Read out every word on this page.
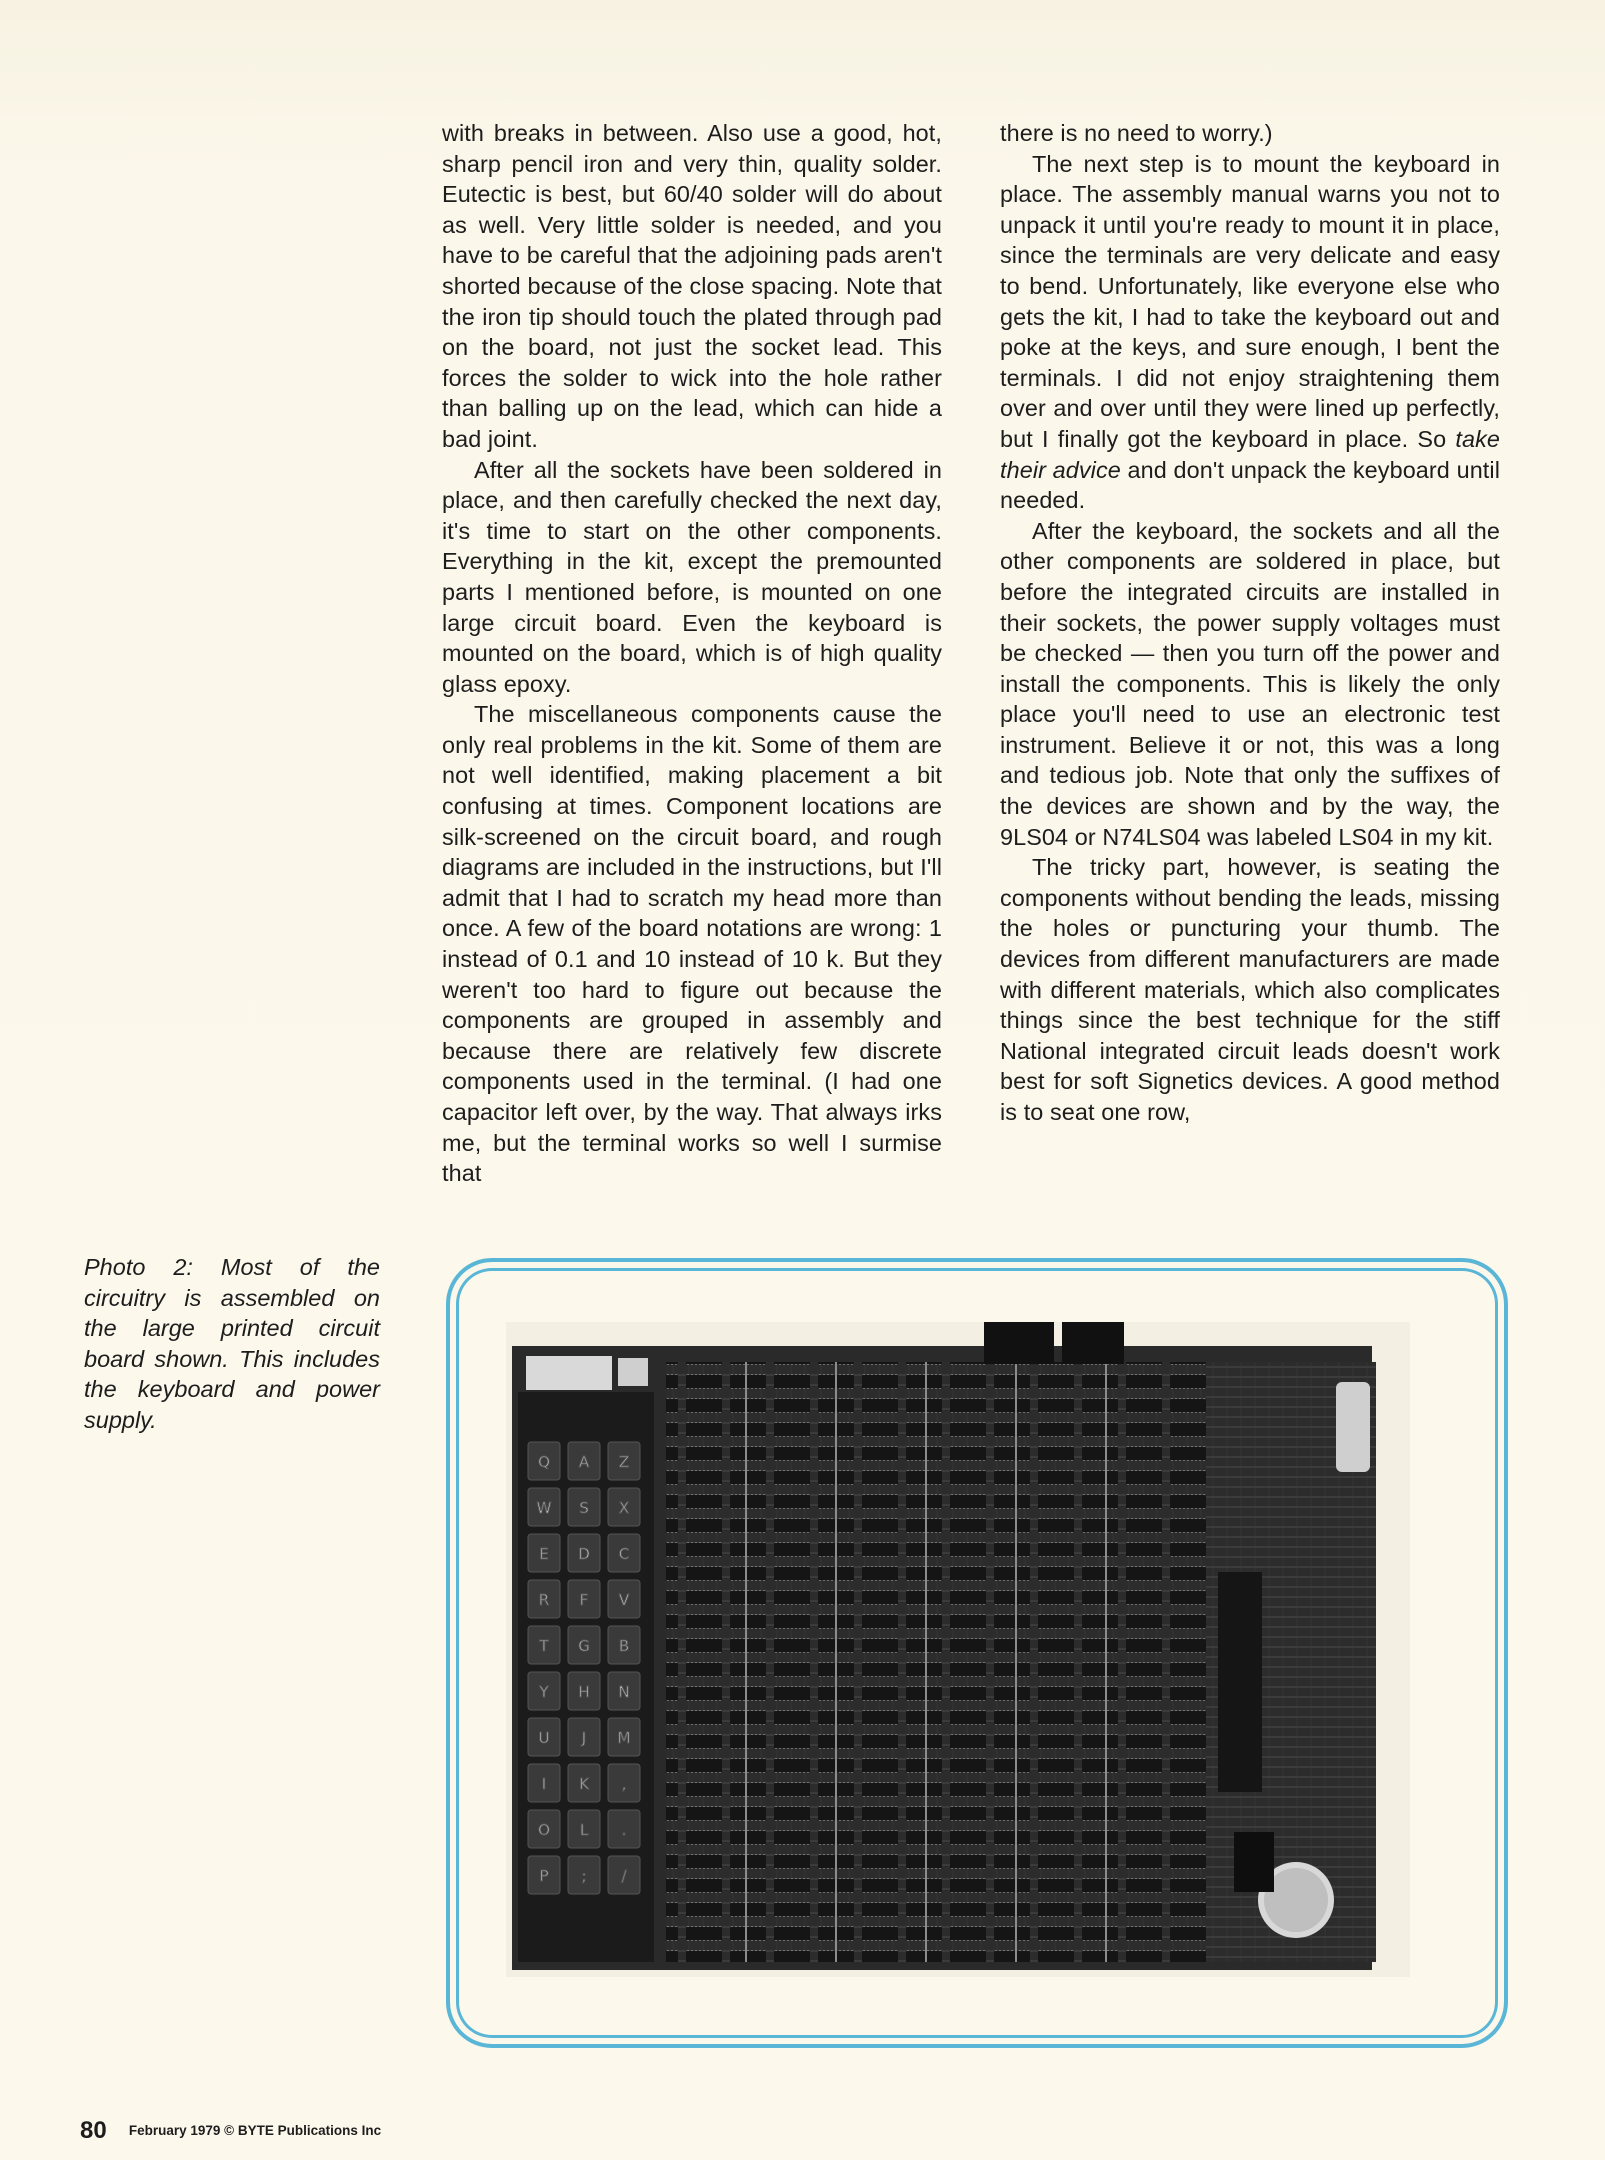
with breaks in between. Also use a good, hot, sharp pencil iron and very thin, quality solder. Eutectic is best, but 60/40 solder will do about as well. Very little solder is needed, and you have to be careful that the adjoining pads aren't shorted because of the close spacing. Note that the iron tip should touch the plated through pad on the board, not just the socket lead. This forces the solder to wick into the hole rather than balling up on the lead, which can hide a bad joint.

After all the sockets have been soldered in place, and then carefully checked the next day, it's time to start on the other components. Everything in the kit, except the premounted parts I mentioned before, is mounted on one large circuit board. Even the keyboard is mounted on the board, which is of high quality glass epoxy.

The miscellaneous components cause the only real problems in the kit. Some of them are not well identified, making placement a bit confusing at times. Component locations are silk-screened on the circuit board, and rough diagrams are included in the instructions, but I'll admit that I had to scratch my head more than once. A few of the board notations are wrong: 1 instead of 0.1 and 10 instead of 10 k. But they weren't too hard to figure out because the components are grouped in assembly and because there are relatively few discrete components used in the terminal. (I had one capacitor left over, by the way. That always irks me, but the terminal works so well I surmise that

there is no need to worry.)

The next step is to mount the keyboard in place. The assembly manual warns you not to unpack it until you're ready to mount it in place, since the terminals are very delicate and easy to bend. Unfortunately, like everyone else who gets the kit, I had to take the keyboard out and poke at the keys, and sure enough, I bent the terminals. I did not enjoy straightening them over and over until they were lined up perfectly, but I finally got the keyboard in place. So take their advice and don't unpack the keyboard until needed.

After the keyboard, the sockets and all the other components are soldered in place, but before the integrated circuits are installed in their sockets, the power supply voltages must be checked — then you turn off the power and install the components. This is likely the only place you'll need to use an electronic test instrument. Believe it or not, this was a long and tedious job. Note that only the suffixes of the devices are shown and by the way, the 9LS04 or N74LS04 was labeled LS04 in my kit.

The tricky part, however, is seating the components without bending the leads, missing the holes or puncturing your thumb. The devices from different manufacturers are made with different materials, which also complicates things since the best technique for the stiff National integrated circuit leads doesn't work best for soft Signetics devices. A good method is to seat one row,

Photo 2: Most of the circuitry is assembled on the large printed circuit board shown. This includes the keyboard and power supply.
Q
W
E
R
T
Y
U
I
O
P
A
S
D
F
G
H
J
K
L
;
Z
X
C
V
B
N
M
,
.
/
80 February 1979 © BYTE Publications Inc
